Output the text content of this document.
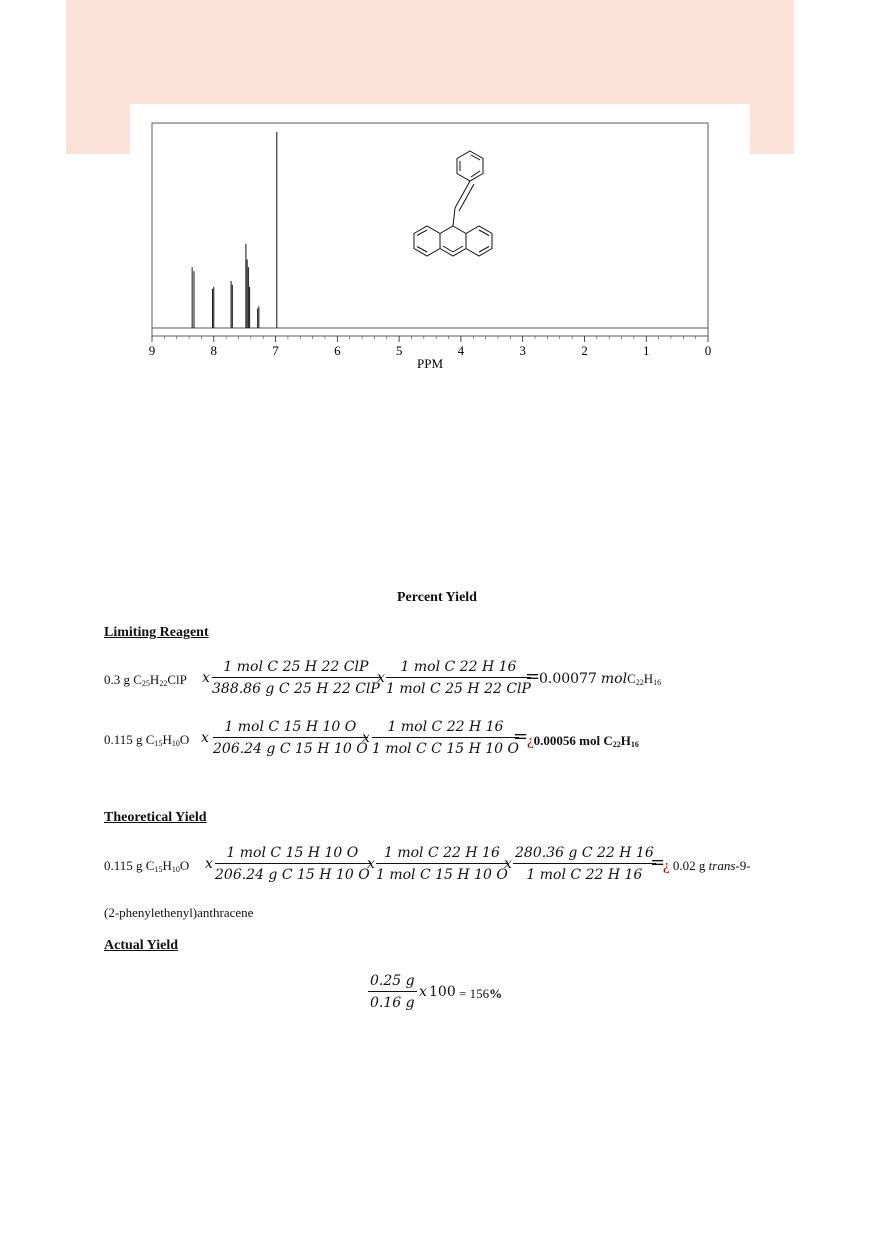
9	8	7	6	5	4	3	2	1	0
PPM
Percent Yield
Limiting Reagent
0.3 g $C_{25}H_{22}ClP$ x
1 mol C 25 H 22 ClP
388.86 g C 25 H 22 ClP
x
1 mol C 22 H 16
1 mol C 25 H 22 ClP
=
0.00077 $molC_{22}H_{16}$
0.115 g $C_{15}H_{10}O$ x
1 mol C 15 H 10 O
206.24 g C 15 H 10 O
x
1 mol C 22 H 16
1 mol C C 15 H 10 O
=
¿0.00056 mol $C_{22}H_{16}$
Theoretical Yield
0.115 g $C_{15}H_{10}O$ x
1 mol C 15 H 10 O
206.24 g C 15 H 10 O
x
1 mol C 22 H 16
1 mol C 15 H 10 O
x
280.36 g C 22 H 16
1 mol C 22 H 16
=
¿ 0.02 g trans-9-
(2-phenylethenyl)anthracene
Actual Yield
$\frac{0.25 g}{0.16 g}$ x 100 = 156%
